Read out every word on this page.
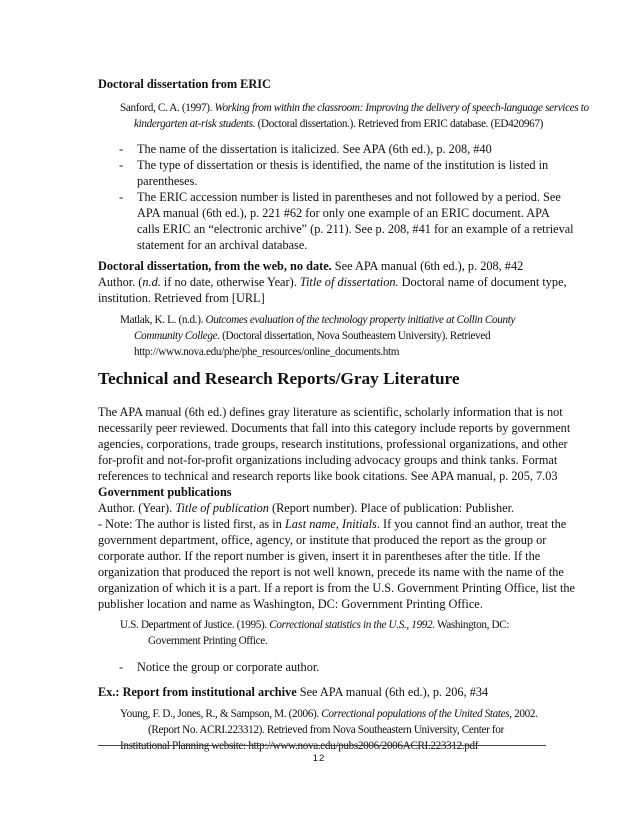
Doctoral dissertation from ERIC
Sanford, C. A. (1997). Working from within the classroom: Improving the delivery of speech-language services to
kindergarten at-risk students. (Doctoral dissertation.). Retrieved from ERIC database. (ED420967)
- The name of the dissertation is italicized. See APA (6th ed.), p. 208, #40
- The type of dissertation or thesis is identified, the name of the institution is listed in
parentheses.
- The ERIC accession number is listed in parentheses and not followed by a period. See
APA manual (6th ed.), p. 221 #62 for only one example of an ERIC document. APA
calls ERIC an “electronic archive” (p. 211). See p. 208, #41 for an example of a retrieval
statement for an archival database.
Doctoral dissertation, from the web, no date. See APA manual (6th ed.), p. 208, #42
Author. (n.d. if no date, otherwise Year). Title of dissertation. Doctoral name of document type,
institution. Retrieved from [URL]
Matlak, K. L. (n.d.). Outcomes evaluation of the technology property initiative at Collin County
Community College. (Doctoral dissertation, Nova Southeastern University). Retrieved
http://www.nova.edu/phe/phe_resources/online_documents.htm
Technical and Research Reports/Gray Literature
The APA manual (6th ed.) defines gray literature as scientific, scholarly information that is not
necessarily peer reviewed. Documents that fall into this category include reports by government
agencies, corporations, trade groups, research institutions, professional organizations, and other
for-profit and not-for-profit organizations including advocacy groups and think tanks. Format
references to technical and research reports like book citations. See APA manual, p. 205, 7.03
Government publications
Author. (Year). Title of publication (Report number). Place of publication: Publisher.
- Note: The author is listed first, as in Last name, Initials. If you cannot find an author, treat the
government department, office, agency, or institute that produced the report as the group or
corporate author. If the report number is given, insert it in parentheses after the title. If the
organization that produced the report is not well known, precede its name with the name of the
organization of which it is a part. If a report is from the U.S. Government Printing Office, list the
publisher location and name as Washington, DC: Government Printing Office.
U.S. Department of Justice. (1995). Correctional statistics in the U.S., 1992. Washington, DC:
Government Printing Office.
- Notice the group or corporate author.
Ex.: Report from institutional archive See APA manual (6th ed.), p. 206, #34
Young, F. D., Jones, R., & Sampson, M. (2006). Correctional populations of the United States, 2002.
(Report No. ACRI.223312). Retrieved from Nova Southeastern University, Center for
Institutional Planning website: http://www.nova.edu/pubs2006/2006ACRI.223312.pdf
12
